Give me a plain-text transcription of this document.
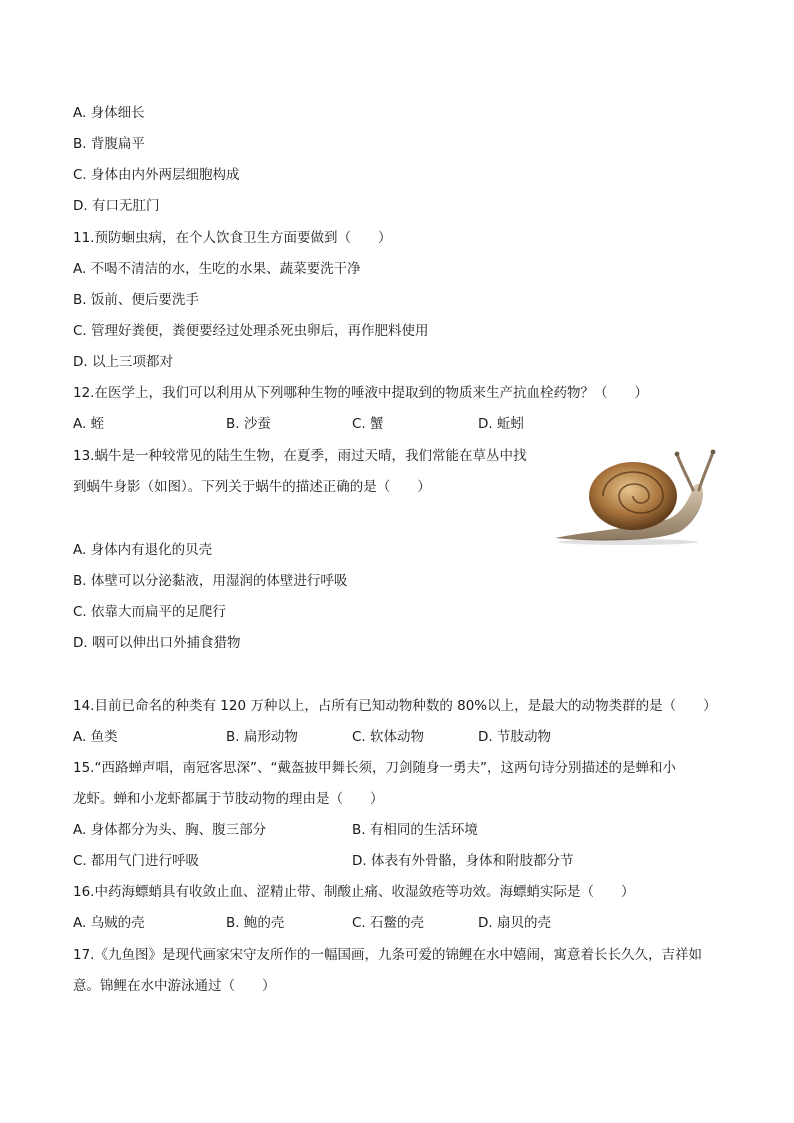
A. 身体细长
B. 背腹扁平
C. 身体由内外两层细胞构成
D. 有口无肛门
11.预防蛔虫病，在个人饮食卫生方面要做到（　　）
A. 不喝不清洁的水，生吃的水果、蔬菜要洗干净
B. 饭前、便后要洗手
C. 管理好粪便，粪便要经过处理杀死虫卵后，再作肥料使用
D. 以上三项都对
12.在医学上，我们可以利用从下列哪种生物的唾液中提取到的物质来生产抗血栓药物？（　　）
A. 蛭	B. 沙蚕	C. 蟹	D. 蚯蚓
13.蜗牛是一种较常见的陆生生物，在夏季，雨过天晴，我们常能在草丛中找
到蜗牛身影（如图）。下列关于蜗牛的描述正确的是（　　）
A. 身体内有退化的贝壳
B. 体壁可以分泌黏液，用湿润的体壁进行呼吸
C. 依靠大而扁平的足爬行
D. 咽可以伸出口外捕食猎物
14.目前已命名的种类有 120 万种以上，占所有已知动物种数的 80%以上，是最大的动物类群的是（　　）
A. 鱼类	B. 扁形动物	C. 软体动物	D. 节肢动物
15.“西路蝉声唱，南冠客思深”、“戴盔披甲舞长须，刀剑随身一勇夫”，这两句诗分别描述的是蝉和小
龙虾。蝉和小龙虾都属于节肢动物的理由是（　　）
A. 身体都分为头、胸、腹三部分	B. 有相同的生活环境
C. 都用气门进行呼吸	D. 体表有外骨骼，身体和附肢都分节
16.中药海螵蛸具有收敛止血、涩精止带、制酸止痛、收湿敛疮等功效。海螵蛸实际是（　　）
A. 乌贼的壳	B. 鲍的壳	C. 石鳖的壳	D. 扇贝的壳
17.《九鱼图》是现代画家宋守友所作的一幅国画，九条可爱的锦鲤在水中嬉闹，寓意着长长久久，吉祥如
意。锦鲤在水中游泳通过（　　）
